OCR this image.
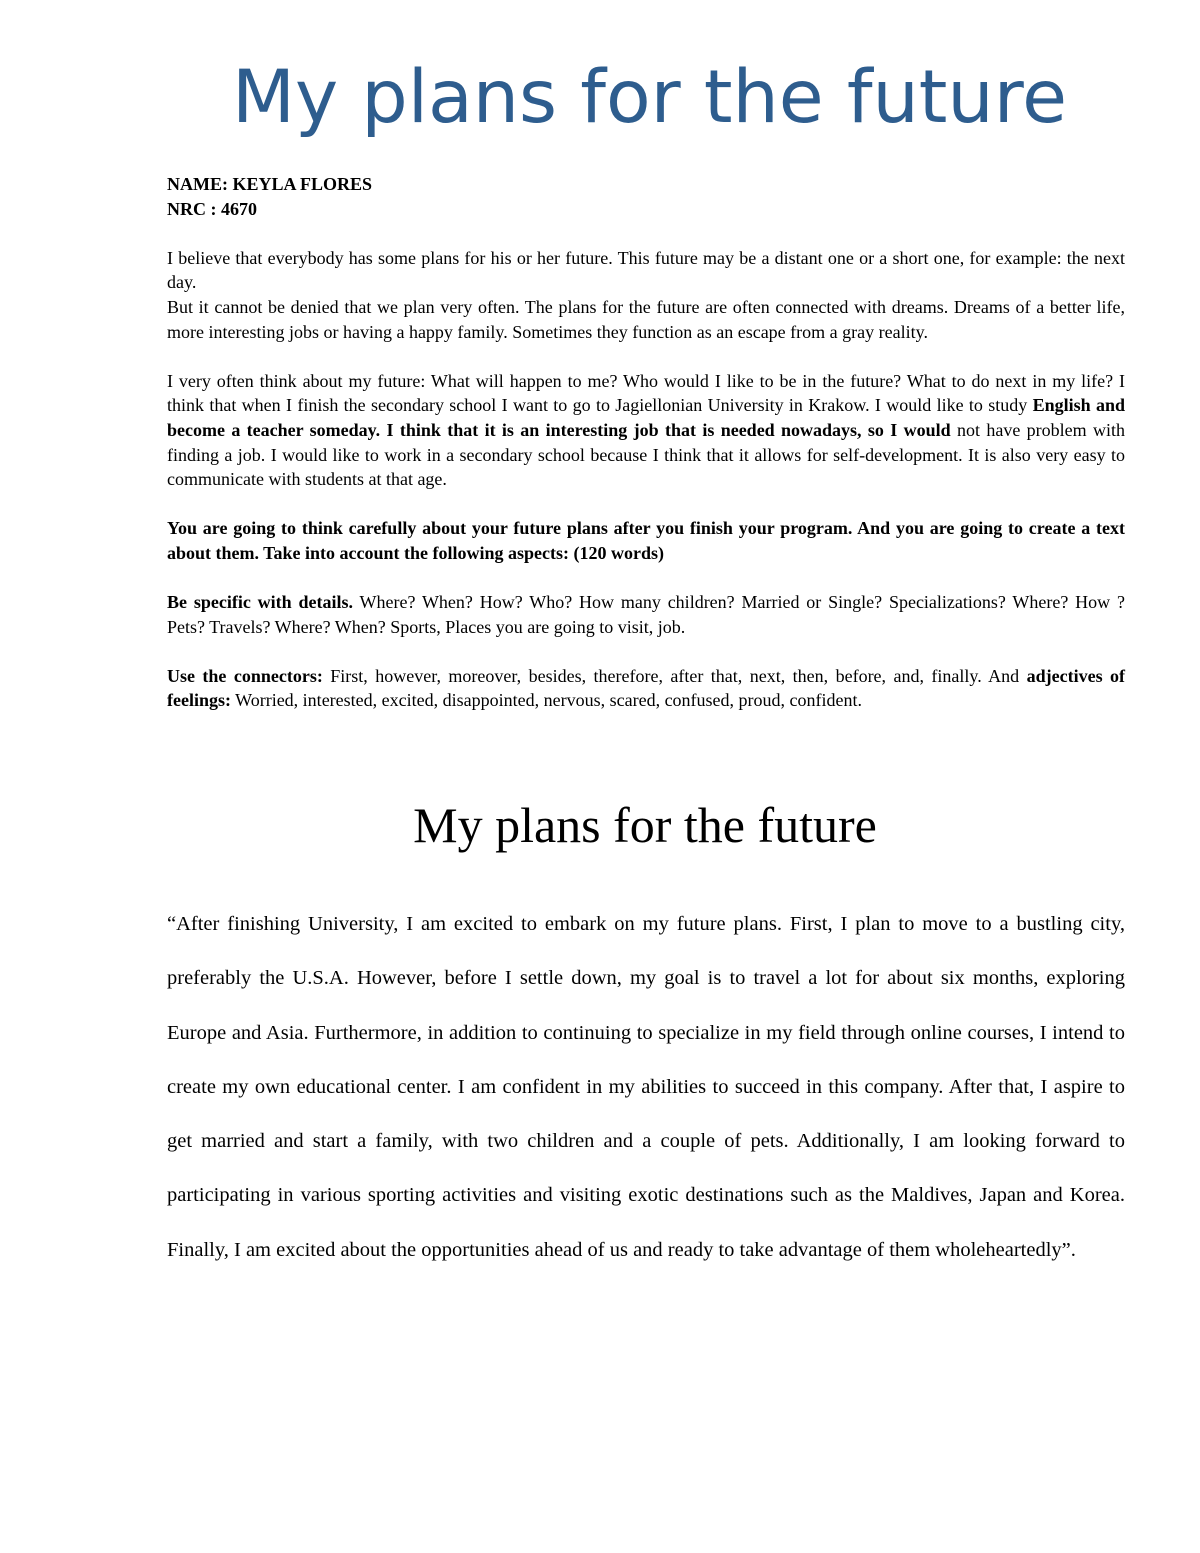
My plans for the future

NAME: KEYLA FLORES

NRC : 4670

I believe that everybody has some plans for his or her future. This future may be a distant one or a short one, for example: the next day.

But it cannot be denied that we plan very often. The plans for the future are often connected with dreams. Dreams of a better life, more interesting jobs or having a happy family. Sometimes they function as an escape from a gray reality.

I very often think about my future: What will happen to me? Who would I like to be in the future? What to do next in my life? I think that when I finish the secondary school I want to go to Jagiellonian University in Krakow. I would like to study English and become a teacher someday. I think that it is an interesting job that is needed nowadays, so I would not have problem with finding a job. I would like to work in a secondary school because I think that it allows for self-development. It is also very easy to communicate with students at that age.

You are going to think carefully about your future plans after you finish your program. And you are going to create a text about them. Take into account the following aspects: (120 words)

Be specific with details. Where? When? How? Who? How many children? Married or Single? Specializations? Where? How ? Pets? Travels? Where? When? Sports, Places you are going to visit, job.

Use the connectors: First, however, moreover, besides, therefore, after that, next, then, before, and, finally. And adjectives of feelings: Worried, interested, excited, disappointed, nervous, scared, confused, proud, confident.

My plans for the future

“After finishing University, I am excited to embark on my future plans. First, I plan to move to a bustling city, preferably the U.S.A. However, before I settle down, my goal is to travel a lot for about six months, exploring Europe and Asia. Furthermore, in addition to continuing to specialize in my field through online courses, I intend to create my own educational center. I am confident in my abilities to succeed in this company. After that, I aspire to get married and start a family, with two children and a couple of pets. Additionally, I am looking forward to participating in various sporting activities and visiting exotic destinations such as the Maldives, Japan and Korea. Finally, I am excited about the opportunities ahead of us and ready to take advantage of them wholeheartedly”.
